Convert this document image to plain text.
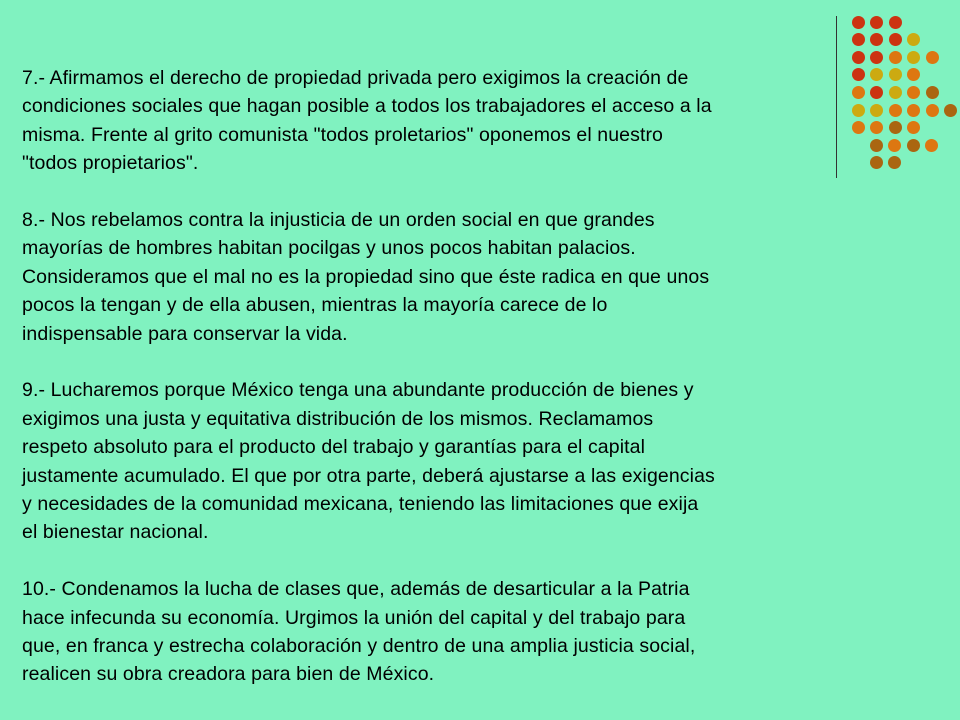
7.- Afirmamos el derecho de propiedad privada pero exigimos la creación de
condiciones sociales que hagan posible a todos los trabajadores el acceso a la
misma. Frente al grito comunista "todos proletarios" oponemos el nuestro
"todos propietarios".

8.- Nos rebelamos contra la injusticia de un orden social en que grandes
mayorías de hombres habitan pocilgas y unos pocos habitan palacios.
Consideramos que el mal no es la propiedad sino que éste radica en que unos
pocos la tengan y de ella abusen, mientras la mayoría carece de lo
indispensable para conservar la vida.

9.- Lucharemos porque México tenga una abundante producción de bienes y
exigimos una justa y equitativa distribución de los mismos. Reclamamos
respeto absoluto para el producto del trabajo y garantías para el capital
justamente acumulado. El que por otra parte, deberá ajustarse a las exigencias
y necesidades de la comunidad mexicana, teniendo las limitaciones que exija
el bienestar nacional.

10.- Condenamos la lucha de clases que, además de desarticular a la Patria
hace infecunda su economía. Urgimos la unión del capital y del trabajo para
que, en franca y estrecha colaboración y dentro de una amplia justicia social,
realicen su obra creadora para bien de México.
